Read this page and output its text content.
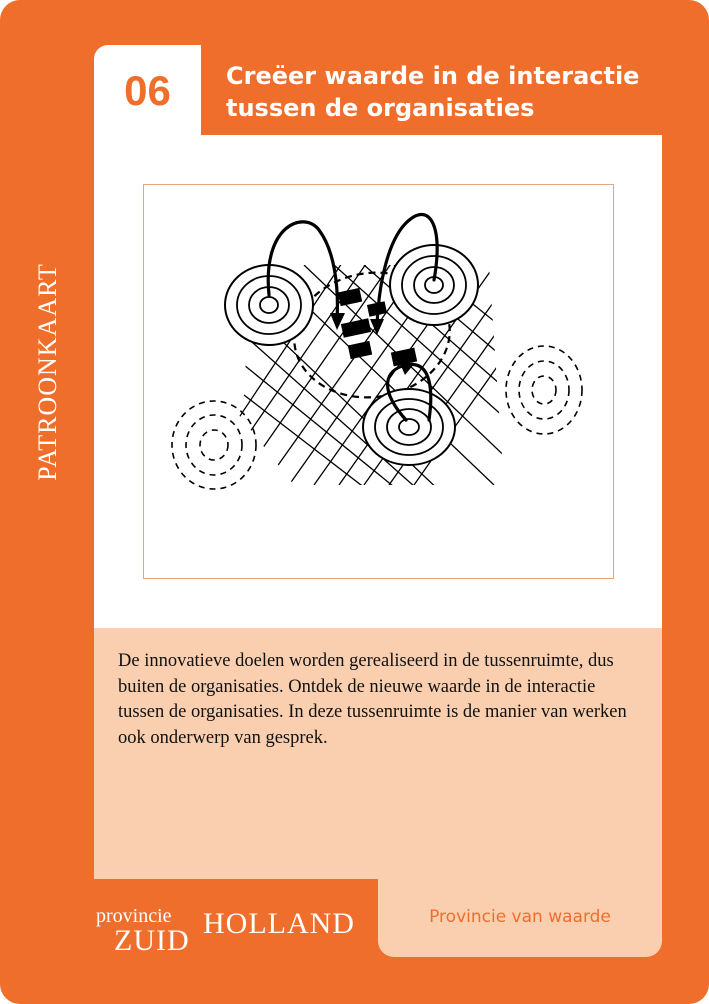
PATROONKAART
06	Creëer waarde in de interactie
tussen de organisaties
De innovatieve doelen worden gerealiseerd in de tussenruimte, dus buiten de organisaties. Ontdek de nieuwe waarde in de interactie tussen de organisaties. In deze tussenruimte is de manier van werken ook onderwerp van gesprek.
provincie
ZUID
HOLLAND	Provincie van waarde
